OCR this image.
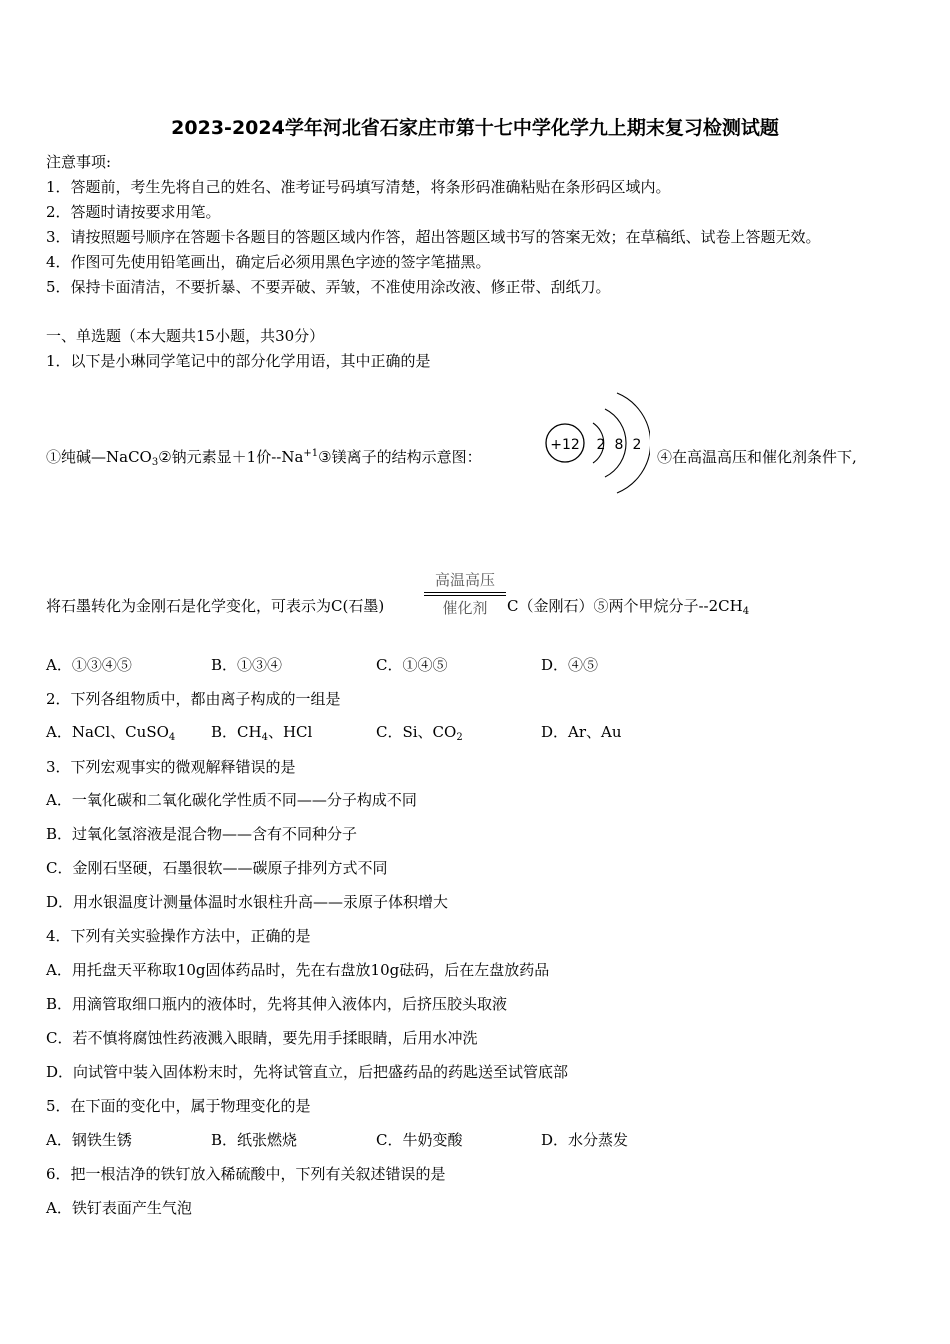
2023-2024学年河北省石家庄市第十七中学化学九上期末复习检测试题
注意事项:
1．答题前，考生先将自己的姓名、准考证号码填写清楚，将条形码准确粘贴在条形码区域内。
2．答题时请按要求用笔。
3．请按照题号顺序在答题卡各题目的答题区域内作答，超出答题区域书写的答案无效；在草稿纸、试卷上答题无效。
4．作图可先使用铅笔画出，确定后必须用黑色字迹的签字笔描黑。
5．保持卡面清洁，不要折暴、不要弄破、弄皱，不准使用涂改液、修正带、刮纸刀。
一、单选题（本大题共15小题，共30分）
1．以下是小琳同学笔记中的部分化学用语，其中正确的是
①纯碱—NaCO$_3$②钠元素显＋1价$--Na^{+1}③$镁离子的结构示意图：
+12 2 8 2
④在高温高压和催化剂条件下,
将石墨转化为金刚石是化学变化，可表示为C(石墨)
高温高压
催化剂	C（金刚石）⑤两个甲烷分子$--2CH_4$
A．①③④⑤	B．①③④	C．①④⑤	D．④⑤
2．下列各组物质中，都由离子构成的一组是
A．NaCl、CuSO$_4$ B．$CH_4$、HCl	C．Si、$CO_2$	D．Ar、Au
3．下列宏观事实的微观解释错误的是
A．一氧化碳和二氧化碳化学性质不同——分子构成不同
B．过氧化氢溶液是混合物——含有不同种分子
C．金刚石坚硬，石墨很软——碳原子排列方式不同
D．用水银温度计测量体温时水银柱升高——汞原子体积增大
4．下列有关实验操作方法中，正确的是
A．用托盘天平称取10g固体药品时，先在右盘放10g砝码，后在左盘放药品
B．用滴管取细口瓶内的液体时，先将其伸入液体内，后挤压胶头取液
C．若不慎将腐蚀性药液溅入眼睛，要先用手揉眼睛，后用水冲洗
D．向试管中装入固体粉末时，先将试管直立，后把盛药品的药匙送至试管底部
5．在下面的变化中，属于物理变化的是
A．钢铁生锈	B．纸张燃烧	C．牛奶变酸	D．水分蒸发
6．把一根洁净的铁钉放入稀硫酸中，下列有关叙述错误的是
A．铁钉表面产生气泡
